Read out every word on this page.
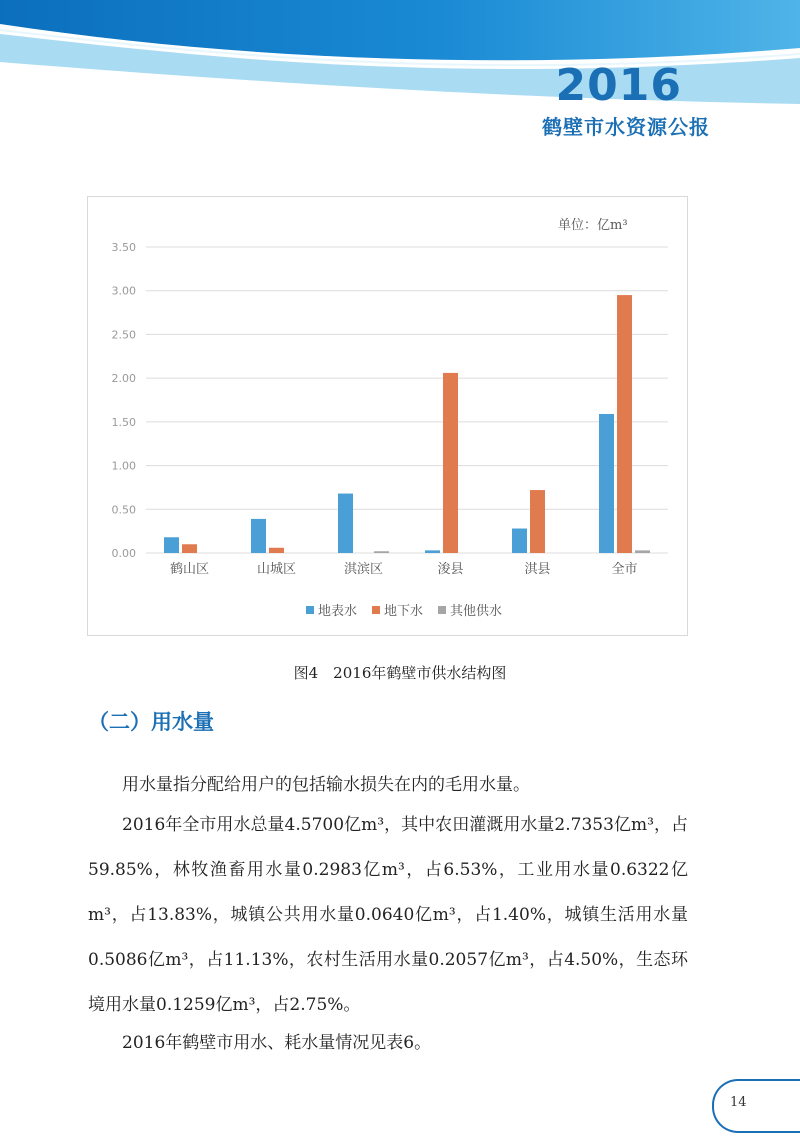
2016
鹤壁市水资源公报
0.00
0.50
1.00
1.50
2.00
2.50
3.00
3.50
单位：亿m³
鹤山区	山城区	淇滨区	浚县	淇县	全市
地表水 地下水 其他供水
图4　2016年鹤壁市供水结构图
（二）用水量

用水量指分配给用户的包括输水损失在内的毛用水量。

2016年全市用水总量4.5700亿m³，其中农田灌溉用水量2.7353亿m³，占59.85%，林牧渔畜用水量0.2983亿m³，占6.53%，工业用水量0.6322亿m³，占13.83%，城镇公共用水量0.0640亿m³，占1.40%，城镇生活用水量0.5086亿m³，占11.13%，农村生活用水量0.2057亿m³，占4.50%，生态环境用水量0.1259亿m³，占2.75%。

2016年鹤壁市用水、耗水量情况见表6。

14
